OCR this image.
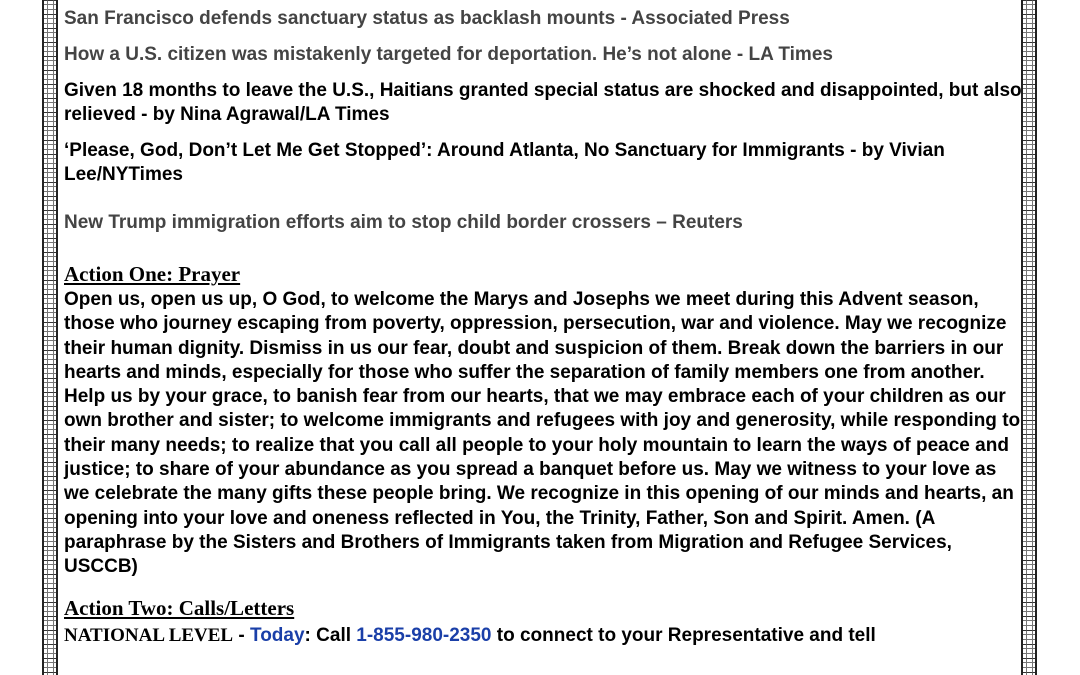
San Francisco defends sanctuary status as backlash mounts - Associated Press

How a U.S. citizen was mistakenly targeted for deportation. He’s not alone - LA Times

Given 18 months to leave the U.S., Haitians granted special status are shocked and disappointed, but also relieved - by Nina Agrawal/LA Times

‘Please, God, Don’t Let Me Get Stopped’: Around Atlanta, No Sanctuary for Immigrants - by Vivian Lee/NYTimes

New Trump immigration efforts aim to stop child border crossers – Reuters

Action One: Prayer

Open us, open us up, O God, to welcome the Marys and Josephs we meet during this Advent season, those who journey escaping from poverty, oppression, persecution, war and violence. May we recognize their human dignity. Dismiss in us our fear, doubt and suspicion of them. Break down the barriers in our hearts and minds, especially for those who suffer the separation of family members one from another. Help us by your grace, to banish fear from our hearts, that we may embrace each of your children as our own brother and sister; to welcome immigrants and refugees with joy and generosity, while responding to their many needs; to realize that you call all people to your holy mountain to learn the ways of peace and justice; to share of your abundance as you spread a banquet before us. May we witness to your love as we celebrate the many gifts these people bring. We recognize in this opening of our minds and hearts, an opening into your love and oneness reflected in You, the Trinity, Father, Son and Spirit. Amen. (A paraphrase by the Sisters and Brothers of Immigrants taken from Migration and Refugee Services, USCCB)

Action Two: Calls/Letters

NATIONAL LEVEL - Today: Call 1-855-980-2350 to connect to your Representative and tell
